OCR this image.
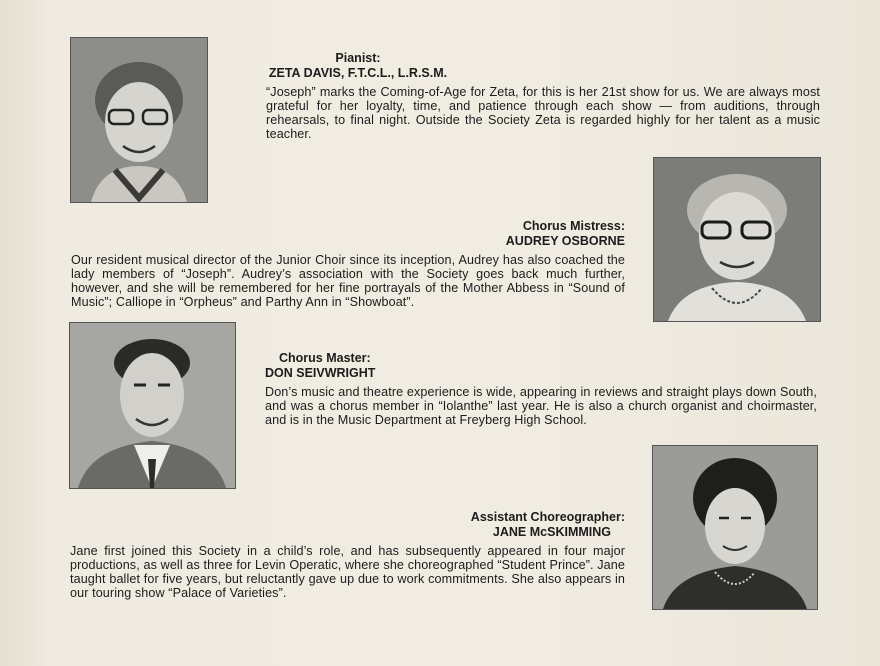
Pianist:

ZETA DAVIS, F.T.C.L., L.R.S.M.

“Joseph” marks the Coming-of-Age for Zeta, for this is her 21st show for us. We are always most grateful for her loyalty, time, and patience through each show — from auditions, through rehearsals, to final night. Outside the Society Zeta is regarded highly for her talent as a music teacher.

Chorus Mistress:

AUDREY OSBORNE

Our resident musical director of the Junior Choir since its inception, Audrey has also coached the lady members of “Joseph”. Audrey’s association with the Society goes back much further, however, and she will be remembered for her fine portrayals of the Mother Abbess in “Sound of Music”; Calliope in “Orpheus” and Parthy Ann in “Showboat”.

Chorus Master:

DON SEIVWRIGHT

Don’s music and theatre experience is wide, appearing in reviews and straight plays down South, and was a chorus member in “Iolanthe” last year. He is also a church organist and choirmaster, and is in the Music Department at Freyberg High School.

Assistant Choreographer:

JANE McSKIMMING

Jane first joined this Society in a child’s role, and has subsequently appeared in four major productions, as well as three for Levin Operatic, where she choreographed “Student Prince”. Jane taught ballet for five years, but reluctantly gave up due to work commitments. She also appears in our touring show “Palace of Varieties”.
